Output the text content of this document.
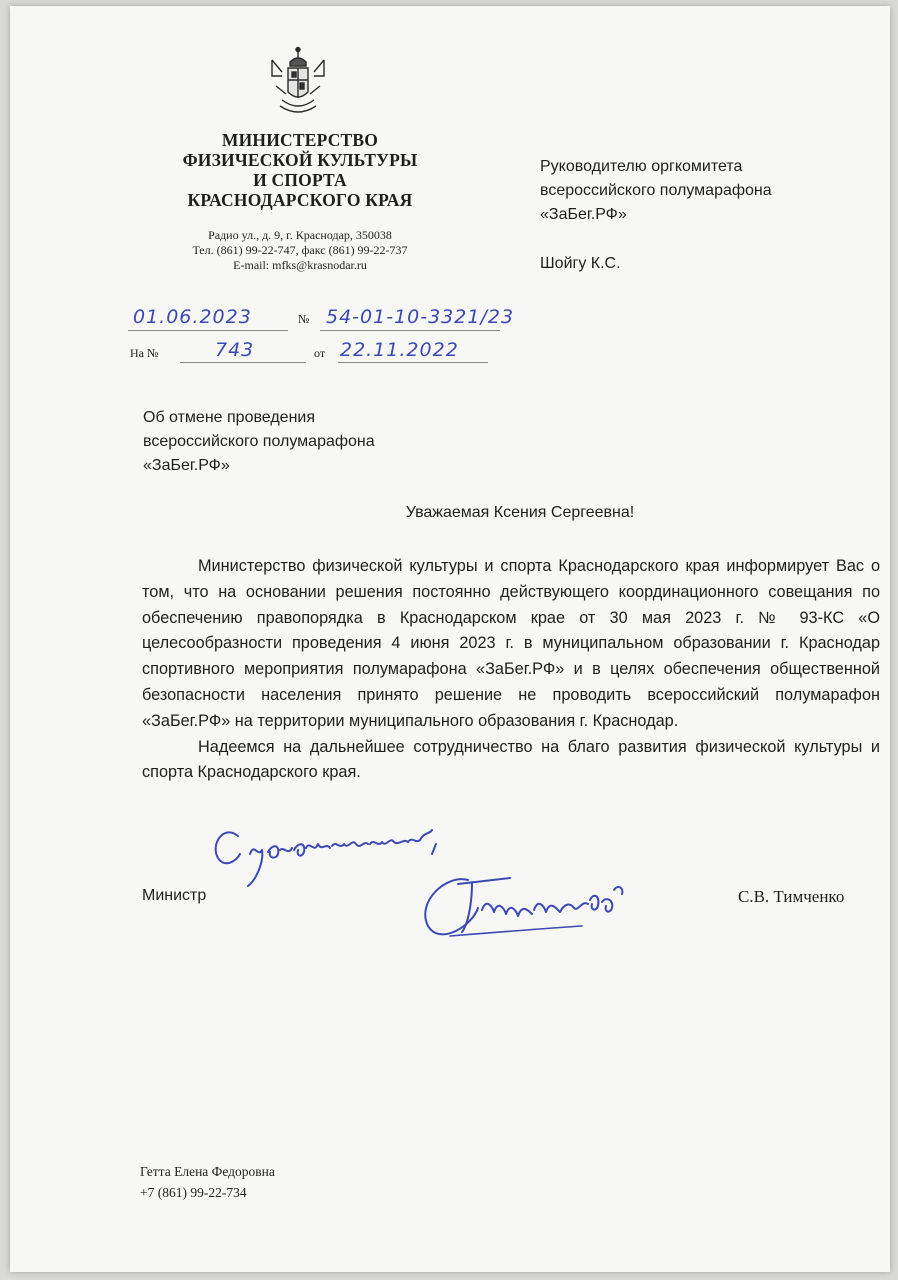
МИНИСТЕРСТВО
ФИЗИЧЕСКОЙ КУЛЬТУРЫ
И СПОРТА
КРАСНОДАРСКОГО КРАЯ
Радио ул., д. 9, г. Краснодар, 350038
Тел. (861) 99-22-747, факс (861) 99-22-737
E-mail: mfks@krasnodar.ru
Руководителю оргкомитета
всероссийского полумарафона
«ЗаБег.РФ»
Шойгу К.С.
01.06.2023	№ 54-01-10-3321/23
На №	743	от 22.11.2022
Об отмене проведения
всероссийского полумарафона
«ЗаБег.РФ»
Уважаемая Ксения Сергеевна!

Министерство физической культуры и спорта Краснодарского края информирует Вас о том, что на основании решения постоянно действующего координационного совещания по обеспечению правопорядка в Краснодарском крае от 30 мая 2023 г. № 93-КС «О целесообразности проведения 4 июня 2023 г. в муниципальном образовании г. Краснодар спортивного мероприятия полумарафона «ЗаБег.РФ» и в целях обеспечения общественной безопасности населения принято решение не проводить всероссийский полумарафон «ЗаБег.РФ» на территории муниципального образования г. Краснодар.

Надеемся на дальнейшее сотрудничество на благо развития физической культуры и спорта Краснодарского края.

Министр	С.В. Тимченко
Гетта Елена Федоровна
+7 (861) 99-22-734
